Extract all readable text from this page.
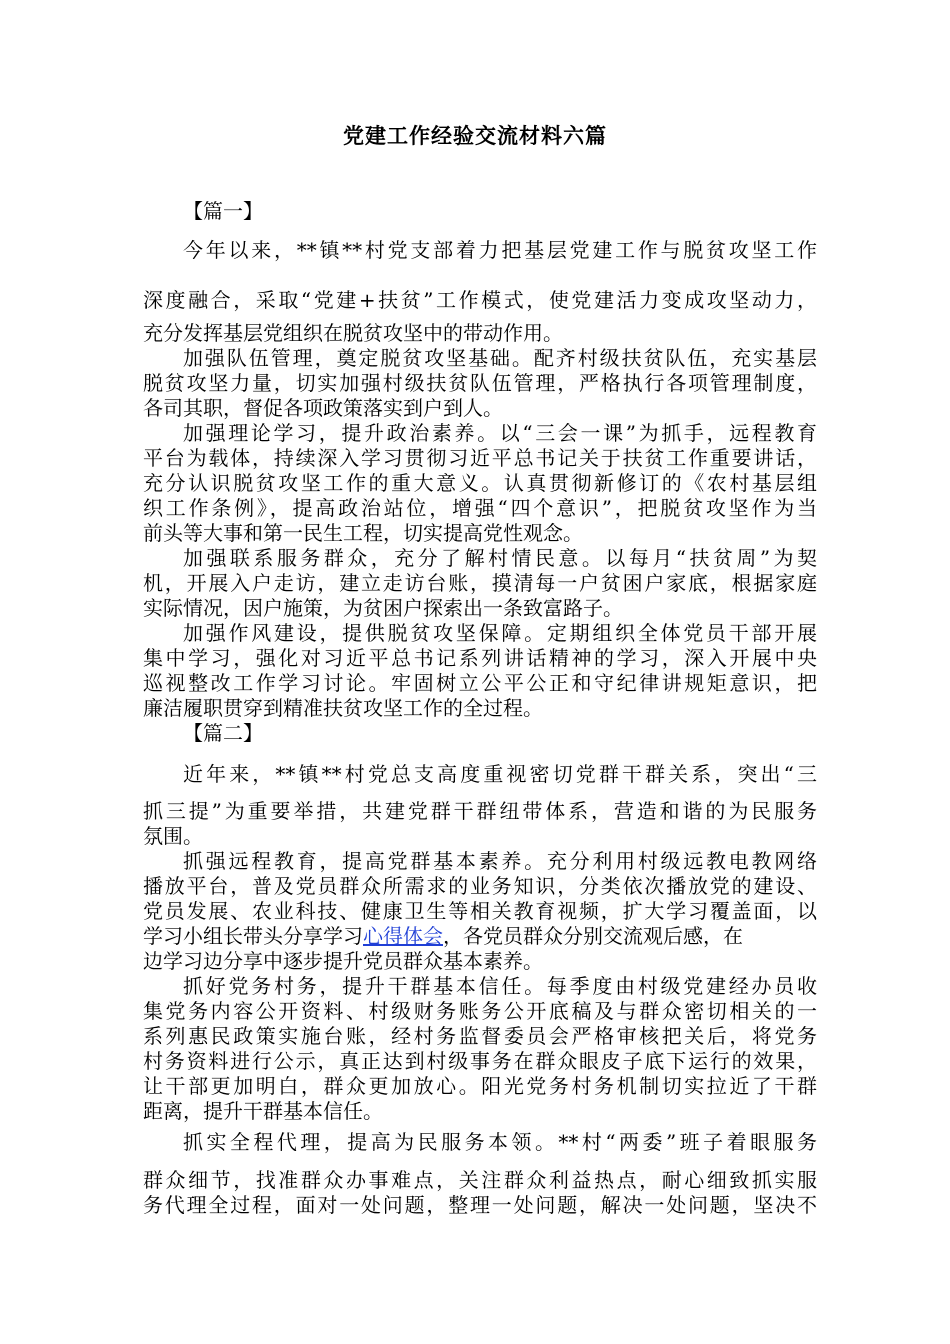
党建工作经验交流材料六篇
【篇一】
今年以来，**镇**村党支部着力把基层党建工作与脱贫攻坚工作
深度融合，采取“党建+扶贫”工作模式，使党建活力变成攻坚动力，
充分发挥基层党组织在脱贫攻坚中的带动作用。
加强队伍管理，奠定脱贫攻坚基础。配齐村级扶贫队伍，充实基层
脱贫攻坚力量，切实加强村级扶贫队伍管理，严格执行各项管理制度，
各司其职，督促各项政策落实到户到人。
加强理论学习，提升政治素养。以“三会一课”为抓手，远程教育
平台为载体，持续深入学习贯彻习近平总书记关于扶贫工作重要讲话，
充分认识脱贫攻坚工作的重大意义。认真贯彻新修订的《农村基层组
织工作条例》，提高政治站位，增强“四个意识”，把脱贫攻坚作为当
前头等大事和第一民生工程，切实提高党性观念。
加强联系服务群众，充分了解村情民意。以每月“扶贫周”为契
机，开展入户走访，建立走访台账，摸清每一户贫困户家底，根据家庭
实际情况，因户施策，为贫困户探索出一条致富路子。
加强作风建设，提供脱贫攻坚保障。定期组织全体党员干部开展
集中学习，强化对习近平总书记系列讲话精神的学习，深入开展中央
巡视整改工作学习讨论。牢固树立公平公正和守纪律讲规矩意识，把
廉洁履职贯穿到精准扶贫攻坚工作的全过程。
【篇二】
近年来，**镇**村党总支高度重视密切党群干群关系，突出“三
抓三提”为重要举措，共建党群干群纽带体系，营造和谐的为民服务
氛围。
抓强远程教育，提高党群基本素养。充分利用村级远教电教网络
播放平台，普及党员群众所需求的业务知识，分类依次播放党的建设、
党员发展、农业科技、健康卫生等相关教育视频，扩大学习覆盖面，以
学习小组长带头分享学习心得体会，各党员群众分别交流观后感，在
边学习边分享中逐步提升党员群众基本素养。
抓好党务村务，提升干群基本信任。每季度由村级党建经办员收
集党务内容公开资料、村级财务账务公开底稿及与群众密切相关的一
系列惠民政策实施台账，经村务监督委员会严格审核把关后，将党务
村务资料进行公示，真正达到村级事务在群众眼皮子底下运行的效果，
让干部更加明白，群众更加放心。阳光党务村务机制切实拉近了干群
距离，提升干群基本信任。
抓实全程代理，提高为民服务本领。**村“两委”班子着眼服务
群众细节，找准群众办事难点，关注群众利益热点，耐心细致抓实服
务代理全过程，面对一处问题，整理一处问题，解决一处问题，坚决不
